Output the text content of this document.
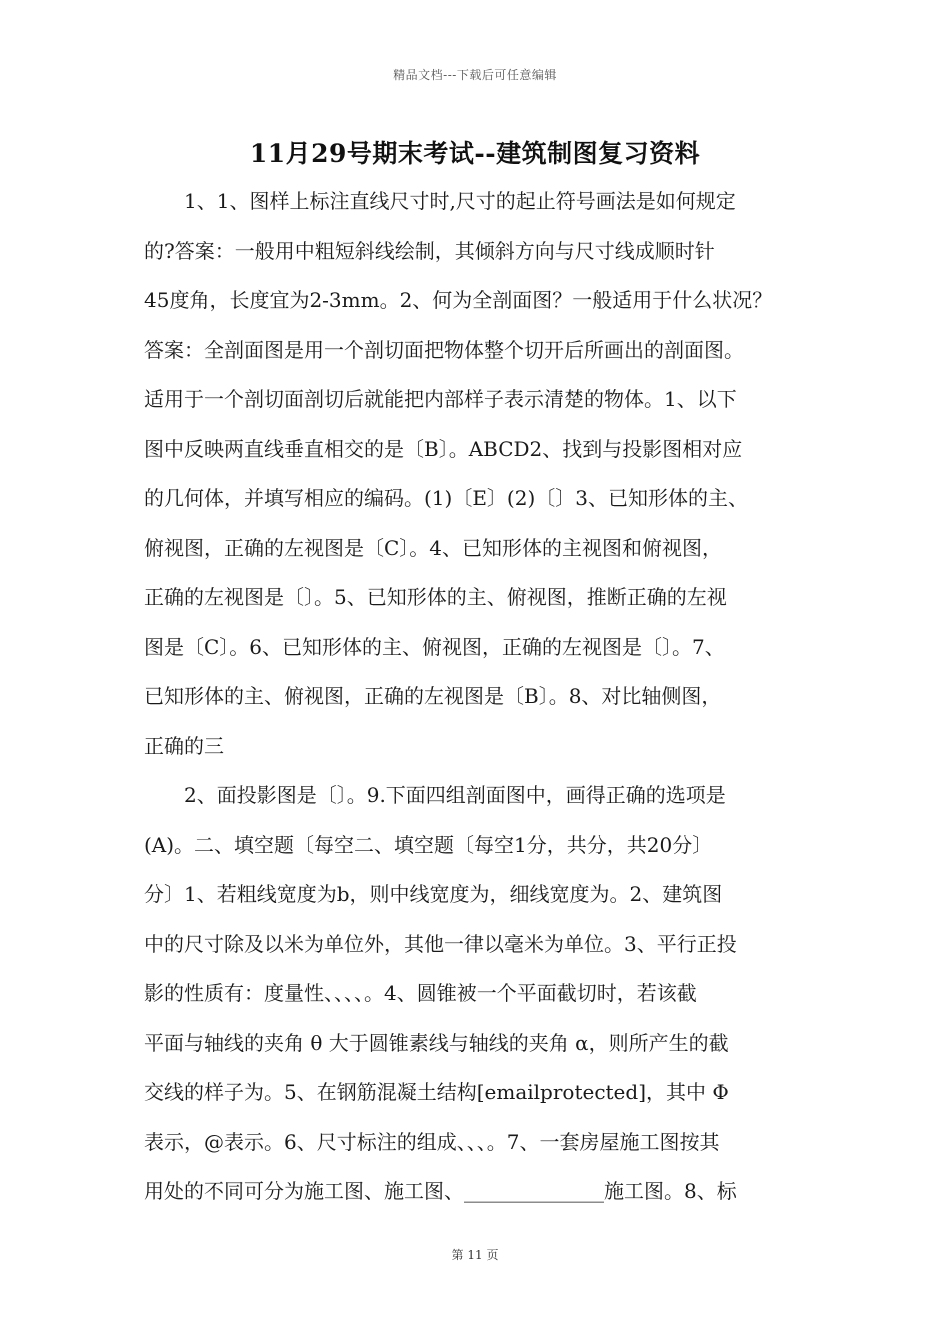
精品文档---下载后可任意编辑
11月29号期末考试--建筑制图复习资料
　　1、1、图样上标注直线尺寸时,尺寸的起止符号画法是如何规定
的?答案：一般用中粗短斜线绘制，其倾斜方向与尺寸线成顺时针
45度角，长度宜为2-3mm。2、何为全剖面图？一般适用于什么状况？
答案：全剖面图是用一个剖切面把物体整个切开后所画出的剖面图。
适用于一个剖切面剖切后就能把内部样子表示清楚的物体。1、以下
图中反映两直线垂直相交的是〔B〕。ABCD2、找到与投影图相对应
的几何体，并填写相应的编码。(1)〔E〕(2)〔〕3、已知形体的主、
俯视图，正确的左视图是〔C〕。4、已知形体的主视图和俯视图，
正确的左视图是〔〕。5、已知形体的主、俯视图，推断正确的左视
图是〔C〕。6、已知形体的主、俯视图，正确的左视图是〔〕。7、
已知形体的主、俯视图，正确的左视图是〔B〕。8、对比轴侧图，
正确的三
　　2、面投影图是〔〕。9.下面四组剖面图中，画得正确的选项是
(A)。二、填空题〔每空二、填空题〔每空1分，共分，共20分〕
分〕1、若粗线宽度为b，则中线宽度为，细线宽度为。2、建筑图
中的尺寸除及以米为单位外，其他一律以毫米为单位。3、平行正投
影的性质有：度量性、、、、。4、圆锥被一个平面截切时，若该截
平面与轴线的夹角 θ 大于圆锥素线与轴线的夹角 α，则所产生的截
交线的样子为。5、在钢筋混凝土结构[emailprotected]，其中 Φ
表示，@表示。6、尺寸标注的组成、、、。7、一套房屋施工图按其
用处的不同可分为施工图、施工图、______________施工图。8、标
第 11 页
